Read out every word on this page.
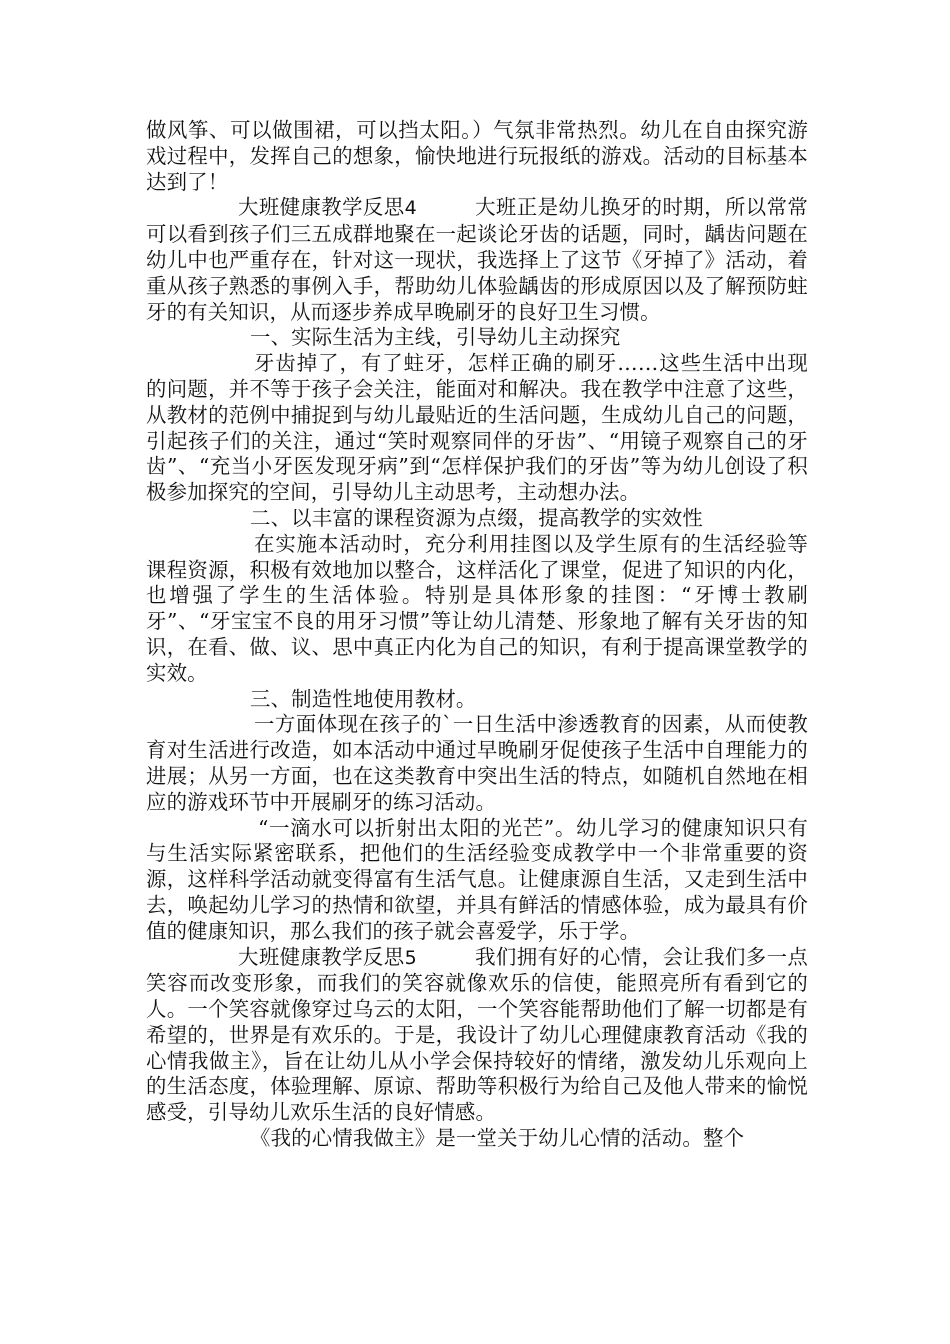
做风筝、可以做围裙，可以挡太阳。）气氛非常热烈。幼儿在自由探究游戏过程中，发挥自己的想象，愉快地进行玩报纸的游戏。活动的目标基本达到了！

大班健康教学反思4	大班正是幼儿换牙的时期，所以常常可以看到孩子们三五成群地聚在一起谈论牙齿的话题，同时，龋齿问题在幼儿中也严重存在，针对这一现状，我选择上了这节《牙掉了》活动，着重从孩子熟悉的事例入手，帮助幼儿体验龋齿的形成原因以及了解预防蛀牙的有关知识，从而逐步养成早晚刷牙的良好卫生习惯。

一、实际生活为主线，引导幼儿主动探究

牙齿掉了，有了蛀牙，怎样正确的刷牙……这些生活中出现的问题，并不等于孩子会关注，能面对和解决。我在教学中注意了这些，从教材的范例中捕捉到与幼儿最贴近的生活问题，生成幼儿自己的问题，引起孩子们的关注，通过“笑时观察同伴的牙齿”、“用镜子观察自己的牙齿”、“充当小牙医发现牙病”到“怎样保护我们的牙齿”等为幼儿创设了积极参加探究的空间，引导幼儿主动思考，主动想办法。

二、以丰富的课程资源为点缀，提高教学的实效性

在实施本活动时，充分利用挂图以及学生原有的生活经验等课程资源，积极有效地加以整合，这样活化了课堂，促进了知识的内化，也增强了学生的生活体验。特别是具体形象的挂图：“牙博士教刷牙”、“牙宝宝不良的用牙习惯”等让幼儿清楚、形象地了解有关牙齿的知识，在看、做、议、思中真正内化为自己的知识，有利于提高课堂教学的实效。

三、制造性地使用教材。

一方面体现在孩子的`一日生活中渗透教育的因素，从而使教育对生活进行改造，如本活动中通过早晚刷牙促使孩子生活中自理能力的进展；从另一方面，也在这类教育中突出生活的特点，如随机自然地在相应的游戏环节中开展刷牙的练习活动。

“一滴水可以折射出太阳的光芒”。幼儿学习的健康知识只有与生活实际紧密联系，把他们的生活经验变成教学中一个非常重要的资源，这样科学活动就变得富有生活气息。让健康源自生活，又走到生活中去，唤起幼儿学习的热情和欲望，并具有鲜活的情感体验，成为最具有价值的健康知识，那么我们的孩子就会喜爱学，乐于学。

大班健康教学反思5	我们拥有好的心情，会让我们多一点笑容而改变形象，而我们的笑容就像欢乐的信使，能照亮所有看到它的人。一个笑容就像穿过乌云的太阳，一个笑容能帮助他们了解一切都是有希望的，世界是有欢乐的。于是，我设计了幼儿心理健康教育活动《我的心情我做主》，旨在让幼儿从小学会保持较好的情绪，激发幼儿乐观向上的生活态度，体验理解、原谅、帮助等积极行为给自己及他人带来的愉悦感受，引导幼儿欢乐生活的良好情感。

《我的心情我做主》是一堂关于幼儿心情的活动。整个
